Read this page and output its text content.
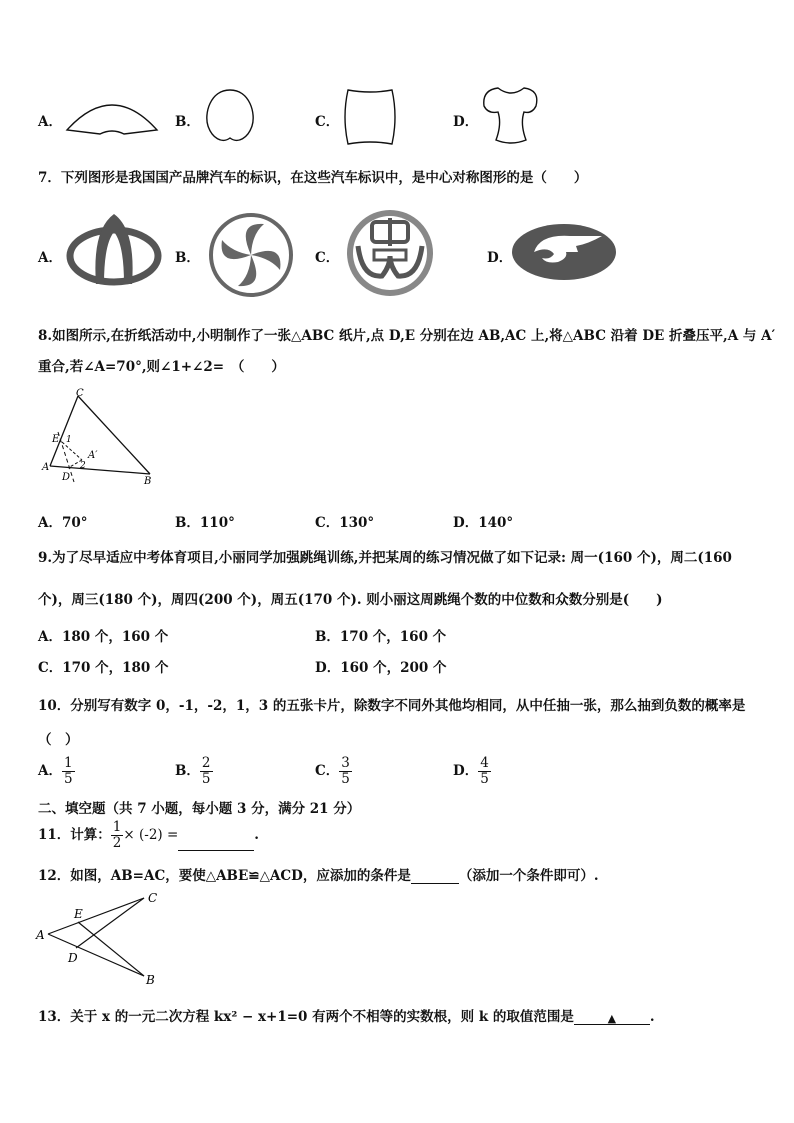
A．	B．	C．	D．
7．下列图形是我国国产品牌汽车的标识，在这些汽车标识中，是中心对称图形的是（　　）
A．	B．	C．	D．
8.如图所示,在折纸活动中,小明制作了一张△ABC 纸片,点 D,E 分别在边 AB,AC 上,将△ABC 沿着 DE 折叠压平,A 与 A′
重合,若∠A=70°,则∠1+∠2=　（　　）
C
E 1
A′
A	2
D	B
A．70°	B．110°	C．130°	D．140°
9.为了尽早适应中考体育项目,小丽同学加强跳绳训练,并把某周的练习情况做了如下记录: 周一(160 个)，周二(160
个)，周三(180 个)，周四(200 个)，周五(170 个). 则小丽这周跳绳个数的中位数和众数分别是(　　)
A．180 个，160 个	B．170 个，160 个
C．170 个，180 个	D．160 个，200 个
10．分别写有数字 0，-1，-2，1，3 的五张卡片，除数字不同外其他均相同，从中任抽一张，那么抽到负数的概率是
（　）
A． $\frac{1}{5}$	B． $\frac{2}{5}$	C． $\frac{3}{5}$	D． $\frac{4}{5}$
二、填空题（共 7 小题，每小题 3 分，满分 21 分）
11．计算： $\frac{1}{2} \times (-2)$ =	.
12．如图，AB=AC，要使△ABE≌△ACD，应添加的条件是	（添加一个条件即可）.
C
E
A
D
B
13．关于 x 的一元二次方程 kx² − x+1=0 有两个不相等的实数根，则 k 的取值范围是	▲	.
